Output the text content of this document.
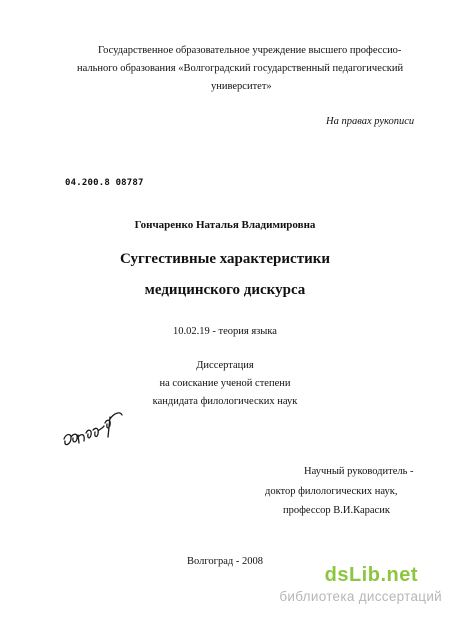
Государственное образовательное учреждение высшего профессио-
нального образования «Волгоградский государственный педагогический
университет»
На правах рукописи
04.200.8 08787
Гончаренко Наталья Владимировна
Суггестивные характеристики
медицинского дискурса
10.02.19 - теория языка
Диссертация
на соискание ученой степени
кандидата филологических наук
Научный руководитель -
доктор филологических наук,
профессор В.И.Карасик
Волгоград - 2008
dsLib.net
библиотека диссертаций
